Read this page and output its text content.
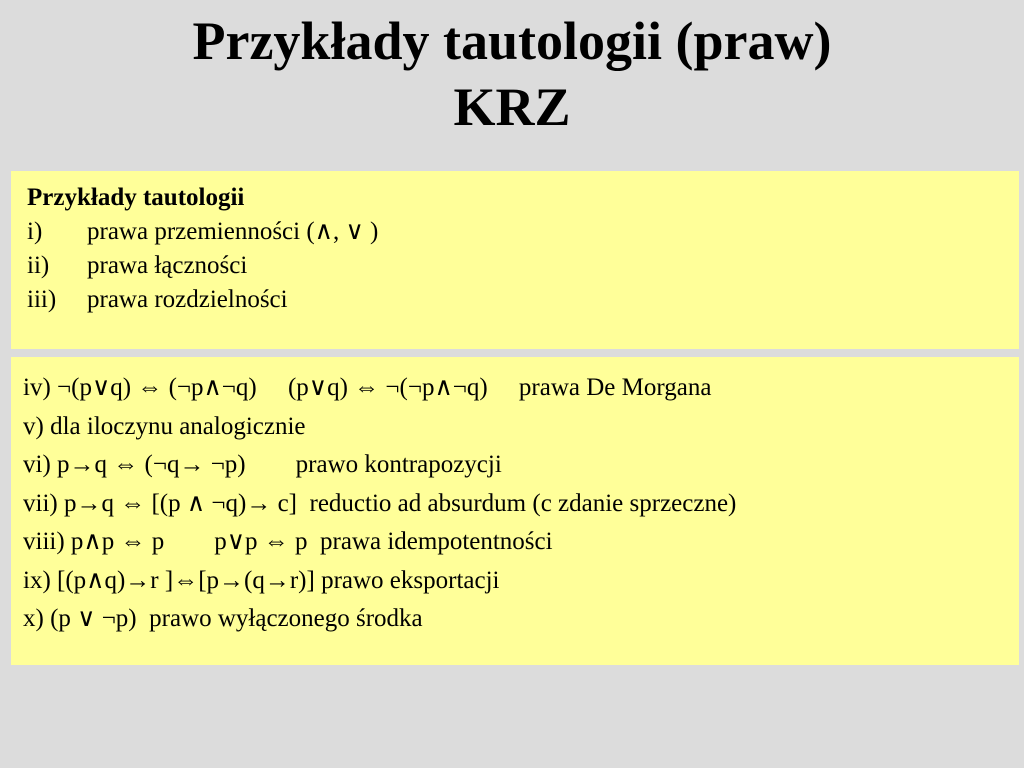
Przykłady tautologii (praw)
KRZ
Przykłady tautologii
i) prawa przemienności (∧, ∨ )
ii) prawa łączności
iii) prawa rozdzielności
iv) ¬(p∨q) ⇔ (¬p∧¬q)     (p∨q) ⇔ ¬(¬p∧¬q)     prawa De Morgana
v) dla iloczynu analogicznie
vi) p→q ⇔ (¬q→ ¬p)        prawo kontrapozycji
vii) p→q ⇔ [(p ∧ ¬q)→ c]  reductio ad absurdum (c zdanie sprzeczne)
viii) p∧p ⇔ p        p∨p ⇔ p  prawa idempotentności
ix) [(p∧q)→r ]⇔[p→(q→r)] prawo eksportacji
x) (p ∨ ¬p)  prawo wyłączonego środka
